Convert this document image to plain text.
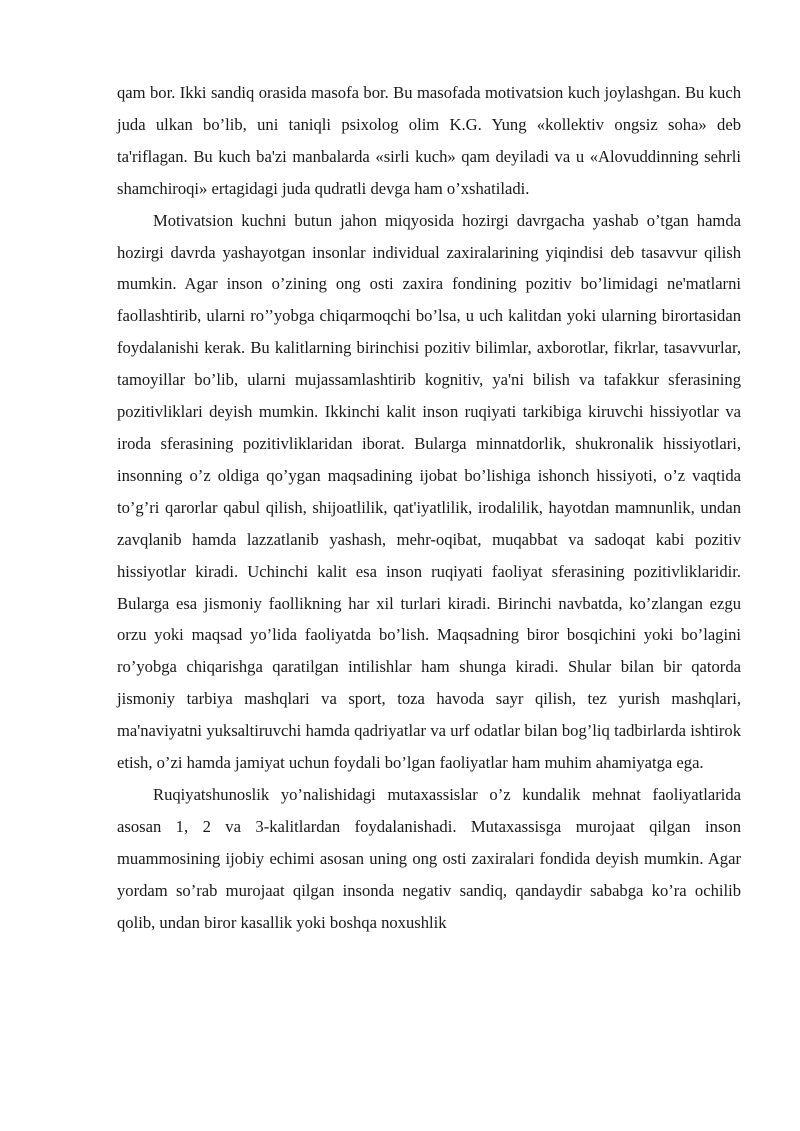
qam bor. Ikki sandiq orasida masofa bor. Bu masofada motivatsion kuch joylashgan. Bu kuch juda ulkan bo’lib, uni taniqli psixolog olim K.G. Yung «kollektiv ongsiz soha» deb ta'riflagan. Bu kuch ba'zi manbalarda «sirli kuch» qam deyiladi va u «Alovuddinning sehrli shamchiroqi» ertagidagi juda qudratli devga ham o’xshatiladi.

Motivatsion kuchni butun jahon miqyosida hozirgi davrgacha yashab o’tgan hamda hozirgi davrda yashayotgan insonlar individual zaxiralarining yiqindisi deb tasavvur qilish mumkin. Agar inson o’zining ong osti zaxira fondining pozitiv bo’limidagi ne'matlarni faollashtirib, ularni ro’’yobga chiqarmoqchi bo’lsa, u uch kalitdan yoki ularning birortasidan foydalanishi kerak. Bu kalitlarning birinchisi pozitiv bilimlar, axborotlar, fikrlar, tasavvurlar, tamoyillar bo’lib, ularni mujassamlashtirib kognitiv, ya'ni bilish va tafakkur sferasining pozitivliklari deyish mumkin. Ikkinchi kalit inson ruqiyati tarkibiga kiruvchi hissiyotlar va iroda sferasining pozitivliklaridan iborat. Bularga minnatdorlik, shukronalik hissiyotlari, insonning o’z oldiga qo’ygan maqsadining ijobat bo’lishiga ishonch hissiyoti, o’z vaqtida to’g’ri qarorlar qabul qilish, shijoatlilik, qat'iyatlilik, irodalilik, hayotdan mamnunlik, undan zavqlanib hamda lazzatlanib yashash, mehr-oqibat, muqabbat va sadoqat kabi pozitiv hissiyotlar kiradi. Uchinchi kalit esa inson ruqiyati faoliyat sferasining pozitivliklaridir. Bularga esa jismoniy faollikning har xil turlari kiradi. Birinchi navbatda, ko’zlangan ezgu orzu yoki maqsad yo’lida faoliyatda bo’lish. Maqsadning biror bosqichini yoki bo’lagini ro’yobga chiqarishga qaratilgan intilishlar ham shunga kiradi. Shular bilan bir qatorda jismoniy tarbiya mashqlari va sport, toza havoda sayr qilish, tez yurish mashqlari, ma'naviyatni yuksaltiruvchi hamda qadriyatlar va urf odatlar bilan bog’liq tadbirlarda ishtirok etish, o’zi hamda jamiyat uchun foydali bo’lgan faoliyatlar ham muhim ahamiyatga ega.

Ruqiyatshunoslik yo’nalishidagi mutaxassislar o’z kundalik mehnat faoliyatlarida asosan 1, 2 va 3-kalitlardan foydalanishadi. Mutaxassisga murojaat qilgan inson muammosining ijobiy echimi asosan uning ong osti zaxiralari fondida deyish mumkin. Agar yordam so’rab murojaat qilgan insonda negativ sandiq, qandaydir sababga ko’ra ochilib qolib, undan biror kasallik yoki boshqa noxushlik
